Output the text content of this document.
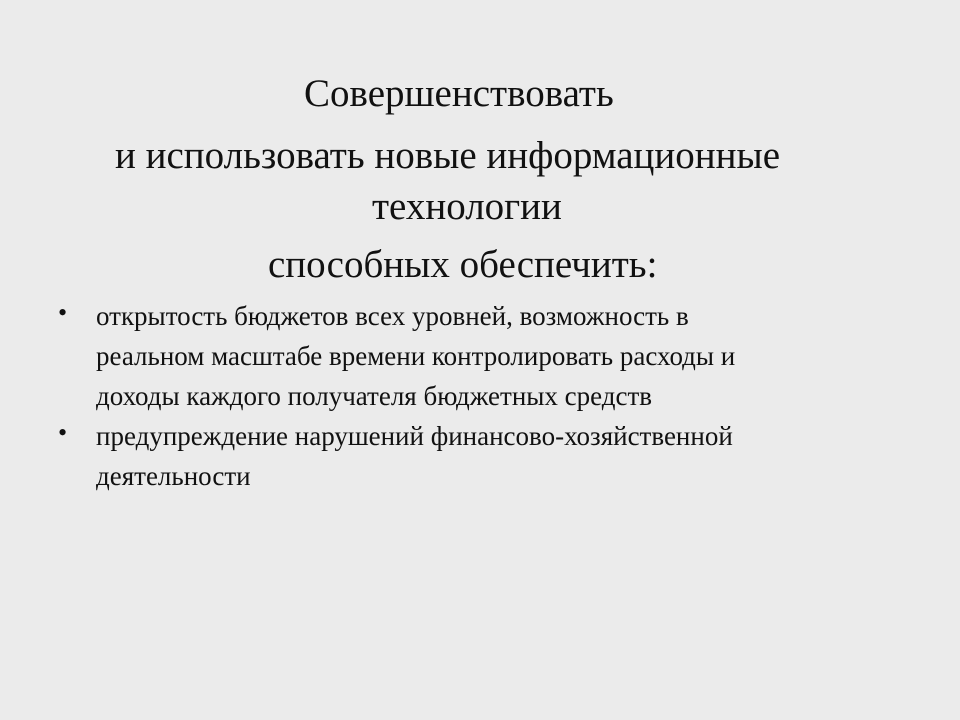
Совершенствовать
и использовать новые информационные
технологии
способных обеспечить:
• открытость бюджетов всех уровней, возможность в
реальном масштабе времени контролировать расходы и
доходы каждого получателя бюджетных средств
• предупреждение нарушений финансово-хозяйственной
деятельности
